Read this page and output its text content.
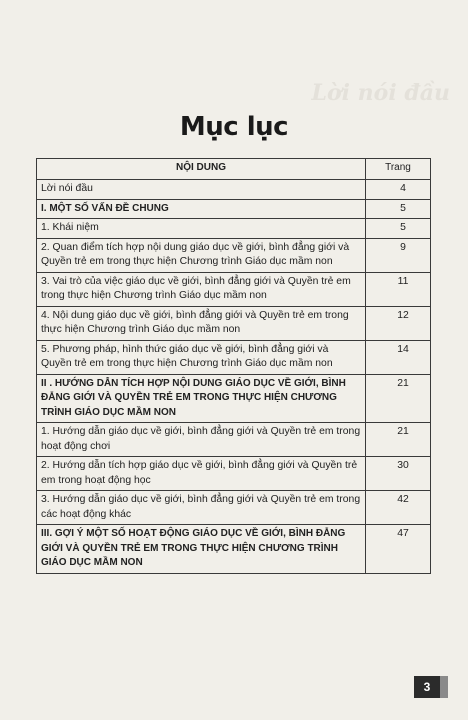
Lời nói đầu
Mục lục
NỘI DUNG	Trang
Lời nói đầu	4
I. MỘT SỐ VẤN ĐỀ CHUNG	5
1. Khái niệm	5
2. Quan điểm tích hợp nội dung giáo dục về giới, bình đẳng giới và Quyền trẻ em trong thực hiện Chương trình Giáo dục mầm non	9
3. Vai trò của việc giáo dục về giới, bình đẳng giới và Quyền trẻ em trong thực hiện Chương trình Giáo dục mầm non	11
4. Nội dung giáo dục về giới, bình đẳng giới và Quyền trẻ em trong thực hiện Chương trình Giáo dục mầm non	12
5. Phương pháp, hình thức giáo dục về giới, bình đẳng giới và Quyền trẻ em trong thực hiện Chương trình Giáo dục mầm non	14
II . HƯỚNG DẪN TÍCH HỢP NỘI DUNG GIÁO DỤC VỀ GIỚI, BÌNH ĐẲNG GIỚI VÀ QUYỀN TRẺ EM TRONG THỰC HIỆN CHƯƠNG TRÌNH GIÁO DỤC MẦM NON	21
1. Hướng dẫn giáo dục về giới, bình đẳng giới và Quyền trẻ em trong hoạt động chơi	21
2. Hướng dẫn tích hợp giáo dục về giới, bình đẳng giới và Quyền trẻ em trong hoạt động học	30
3. Hướng dẫn giáo dục về giới, bình đẳng giới và Quyền trẻ em trong các hoạt động khác	42
III. GỢI Ý MỘT SỐ HOẠT ĐỘNG GIÁO DỤC VỀ GIỚI, BÌNH ĐẲNG GIỚI VÀ QUYỀN TRẺ EM TRONG THỰC HIỆN CHƯƠNG TRÌNH GIÁO DỤC MẦM NON	47
3
